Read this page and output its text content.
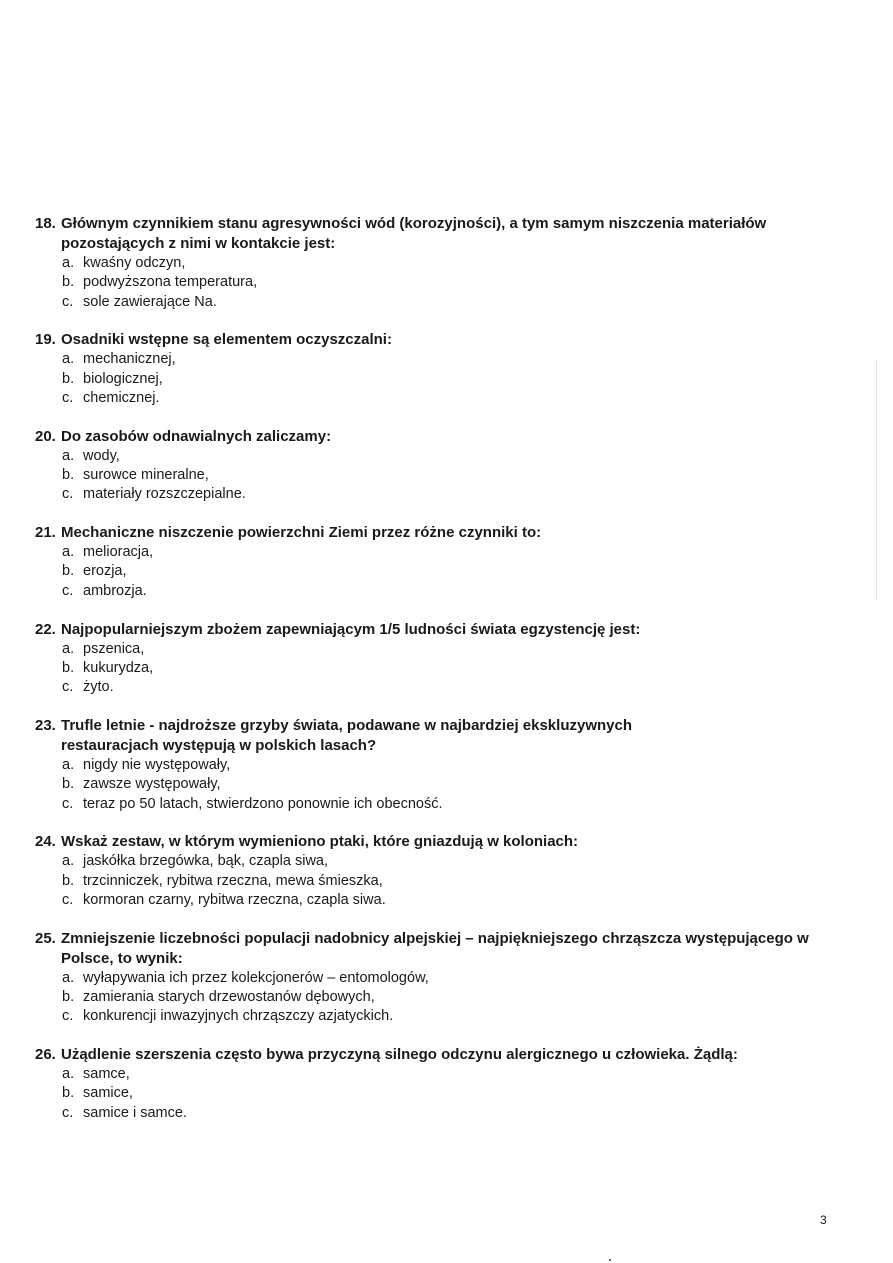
18. Głównym czynnikiem stanu agresywności wód (korozyjności), a tym samym niszczenia materiałów pozostających z nimi w kontakcie jest:
a. kwaśny odczyn,
b. podwyższona temperatura,
c. sole zawierające Na.
19. Osadniki wstępne są elementem oczyszczalni:
a. mechanicznej,
b. biologicznej,
c. chemicznej.
20. Do zasobów odnawialnych zaliczamy:
a. wody,
b. surowce mineralne,
c. materiały rozszczepialne.
21. Mechaniczne niszczenie powierzchni Ziemi przez różne czynniki to:
a. melioracja,
b. erozja,
c. ambrozja.
22. Najpopularniejszym zbożem zapewniającym 1/5 ludności świata egzystencję jest:
a. pszenica,
b. kukurydza,
c. żyto.
23. Trufle letnie - najdroższe grzyby świata, podawane w najbardziej ekskluzywnych restauracjach występują w polskich lasach?
a. nigdy nie występowały,
b. zawsze występowały,
c. teraz po 50 latach, stwierdzono ponownie ich obecność.
24. Wskaż zestaw, w którym wymieniono ptaki, które gniazdują w koloniach:
a. jaskółka brzegówka, bąk, czapla siwa,
b. trzcinniczek, rybitwa rzeczna, mewa śmieszka,
c. kormoran czarny, rybitwa rzeczna, czapla siwa.
25. Zmniejszenie liczebności populacji nadobnicy alpejskiej – najpiękniejszego chrząszcza występującego w Polsce, to wynik:
a. wyłapywania ich przez kolekcjonerów – entomologów,
b. zamierania starych drzewostanów dębowych,
c. konkurencji inwazyjnych chrząszczy azjatyckich.
26. Użądlenie szerszenia często bywa przyczyną silnego odczynu alergicznego u człowieka. Żądlą:
a. samce,
b. samice,
c. samice i samce.
3
